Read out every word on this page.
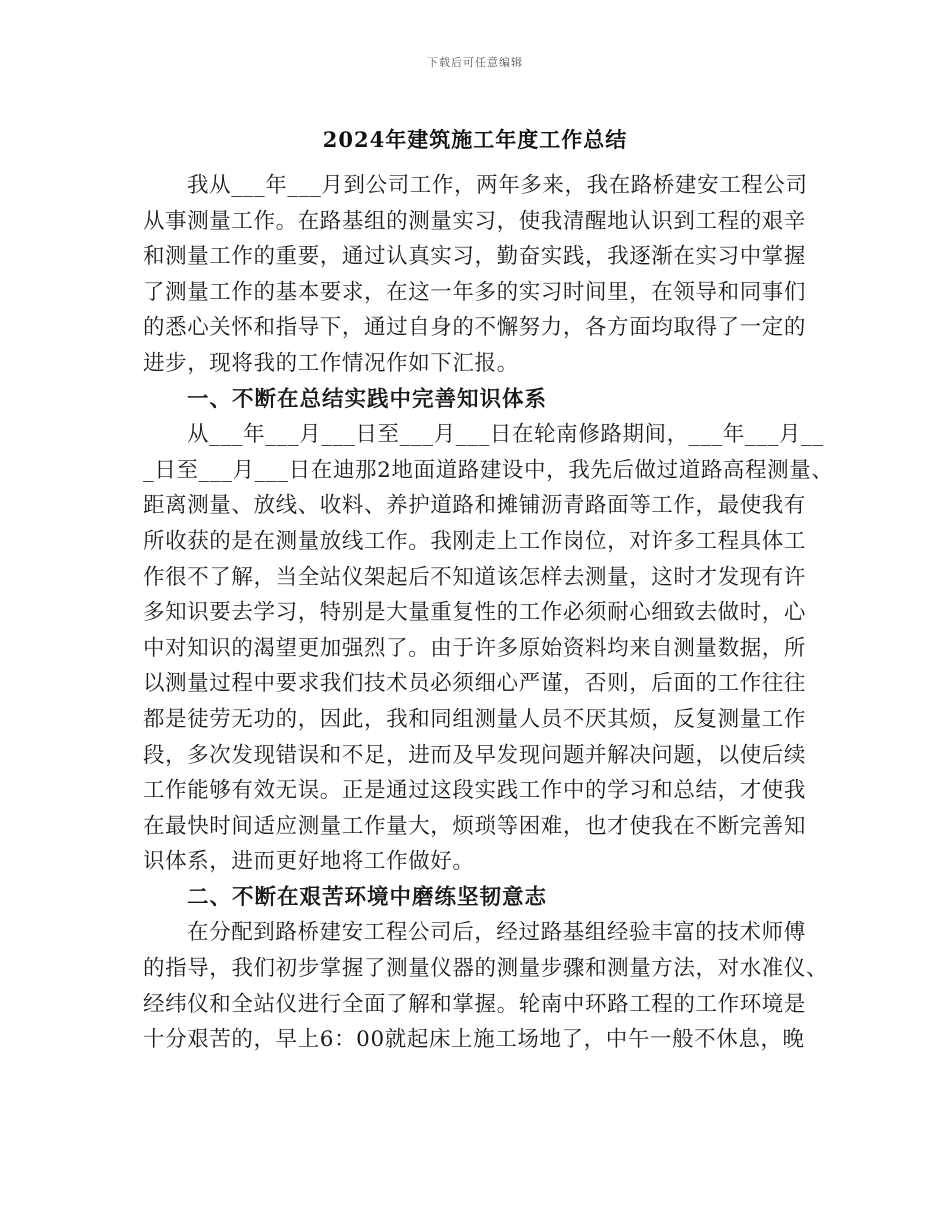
下载后可任意编辑
2024年建筑施工年度工作总结
我从___年___月到公司工作，两年多来，我在路桥建安工程公司
从事测量工作。在路基组的测量实习，使我清醒地认识到工程的艰辛
和测量工作的重要，通过认真实习，勤奋实践，我逐渐在实习中掌握
了测量工作的基本要求，在这一年多的实习时间里，在领导和同事们
的悉心关怀和指导下，通过自身的不懈努力，各方面均取得了一定的
进步，现将我的工作情况作如下汇报。
一、不断在总结实践中完善知识体系
从___年___月___日至___月___日在轮南修路期间，___年___月__
_日至___月___日在迪那2地面道路建设中，我先后做过道路高程测量、
距离测量、放线、收料、养护道路和摊铺沥青路面等工作，最使我有
所收获的是在测量放线工作。我刚走上工作岗位，对许多工程具体工
作很不了解，当全站仪架起后不知道该怎样去测量，这时才发现有许
多知识要去学习，特别是大量重复性的工作必须耐心细致去做时，心
中对知识的渴望更加强烈了。由于许多原始资料均来自测量数据，所
以测量过程中要求我们技术员必须细心严谨，否则，后面的工作往往
都是徒劳无功的，因此，我和同组测量人员不厌其烦，反复测量工作
段，多次发现错误和不足，进而及早发现问题并解决问题，以使后续
工作能够有效无误。正是通过这段实践工作中的学习和总结，才使我
在最快时间适应测量工作量大，烦琐等困难，也才使我在不断完善知
识体系，进而更好地将工作做好。
二、不断在艰苦环境中磨练坚韧意志
在分配到路桥建安工程公司后，经过路基组经验丰富的技术师傅
的指导，我们初步掌握了测量仪器的测量步骤和测量方法，对水准仪、
经纬仪和全站仪进行全面了解和掌握。轮南中环路工程的工作环境是
十分艰苦的，早上6：00就起床上施工场地了，中午一般不休息，晚
